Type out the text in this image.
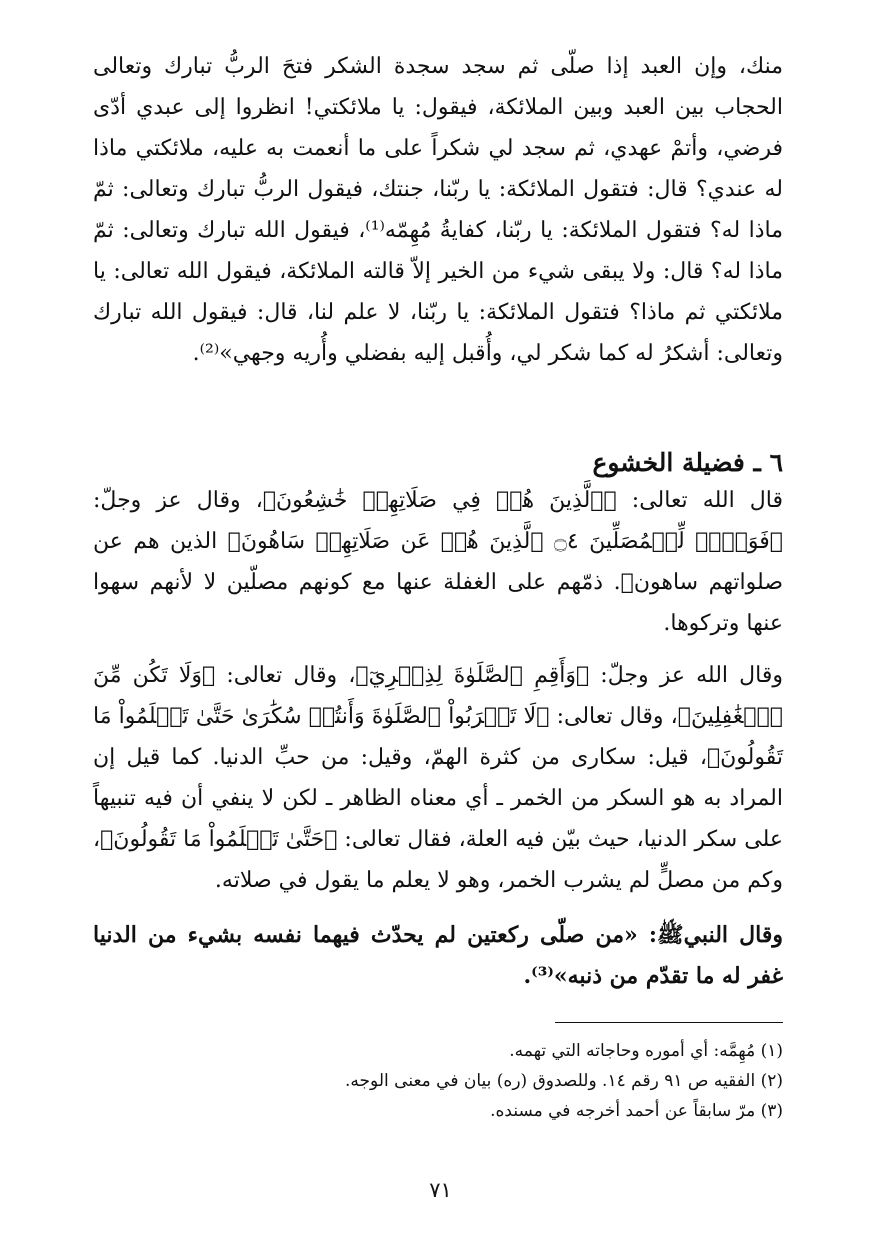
منك، وإن العبد إذا صلّى ثم سجد سجدة الشكر فتحَ الربُّ تبارك وتعالى الحجاب بين العبد وبين الملائكة، فيقول: يا ملائكتي! انظروا إلى عبدي أدّى فرضي، وأتمْ عهدي، ثم سجد لي شكراً على ما أنعمت به عليه، ملائكتي ماذا له عندي؟ قال: فتقول الملائكة: يا ربّنا، جنتك، فيقول الربُّ تبارك وتعالى: ثمّ ماذا له؟ فتقول الملائكة: يا ربّنا، كفايةُ مُهِمّه⁽¹⁾، فيقول الله تبارك وتعالى: ثمّ ماذا له؟ قال: ولا يبقى شيء من الخير إلاّ قالته الملائكة، فيقول الله تعالى: يا ملائكتي ثم ماذا؟ فتقول الملائكة: يا ربّنا، لا علم لنا، قال: فيقول الله تبارك وتعالى: أشكرُ له كما شكر لي، وأُقبل إليه بفضلي وأُريه وجهي»⁽²⁾.

٦ ـ فضيلة الخشوع

قال الله تعالى: ﴿ٱلَّذِينَ هُمۡ فِي صَلَاتِهِمۡ خَٰشِعُونَ﴾، وقال عز وجلّ: ﴿فَوَيۡلٞ لِّلۡمُصَلِّينَ ۝٤ ٱلَّذِينَ هُمۡ عَن صَلَاتِهِمۡ سَاهُونَ﴾ الذين هم عن صلواتهم ساهون﴾. ذمّهم على الغفلة عنها مع كونهم مصلّين لا لأنهم سهوا عنها وتركوها.

وقال الله عز وجلّ: ﴿وَأَقِمِ ٱلصَّلَوٰةَ لِذِكۡرِيٓ﴾، وقال تعالى: ﴿وَلَا تَكُن مِّنَ ٱلۡغَٰفِلِينَ﴾، وقال تعالى: ﴿لَا تَقۡرَبُواْ ٱلصَّلَوٰةَ وَأَنتُمۡ سُكَٰرَىٰ حَتَّىٰ تَعۡلَمُواْ مَا تَقُولُونَ﴾، قيل: سكارى من كثرة الهمّ، وقيل: من حبِّ الدنيا. كما قيل إن المراد به هو السكر من الخمر ـ أي معناه الظاهر ـ لكن لا ينفي أن فيه تنبيهاً على سكر الدنيا، حيث بيّن فيه العلة، فقال تعالى: ﴿حَتَّىٰ تَعۡلَمُواْ مَا تَقُولُونَ﴾، وكم من مصلٍّ لم يشرب الخمر، وهو لا يعلم ما يقول في صلاته.

وقال النبيﷺ: «من صلّى ركعتين لم يحدّث فيهما نفسه بشيء من الدنيا غفر له ما تقدّم من ذنبه»⁽³⁾.

(١) مُهِمَّه: أي أموره وحاجاته التي تهمه.

(٢) الفقيه ص ٩١ رقم ١٤. وللصدوق (ره) بيان في معنى الوجه.

(٣) مرّ سابقاً عن أحمد أخرجه في مسنده.

٧١
